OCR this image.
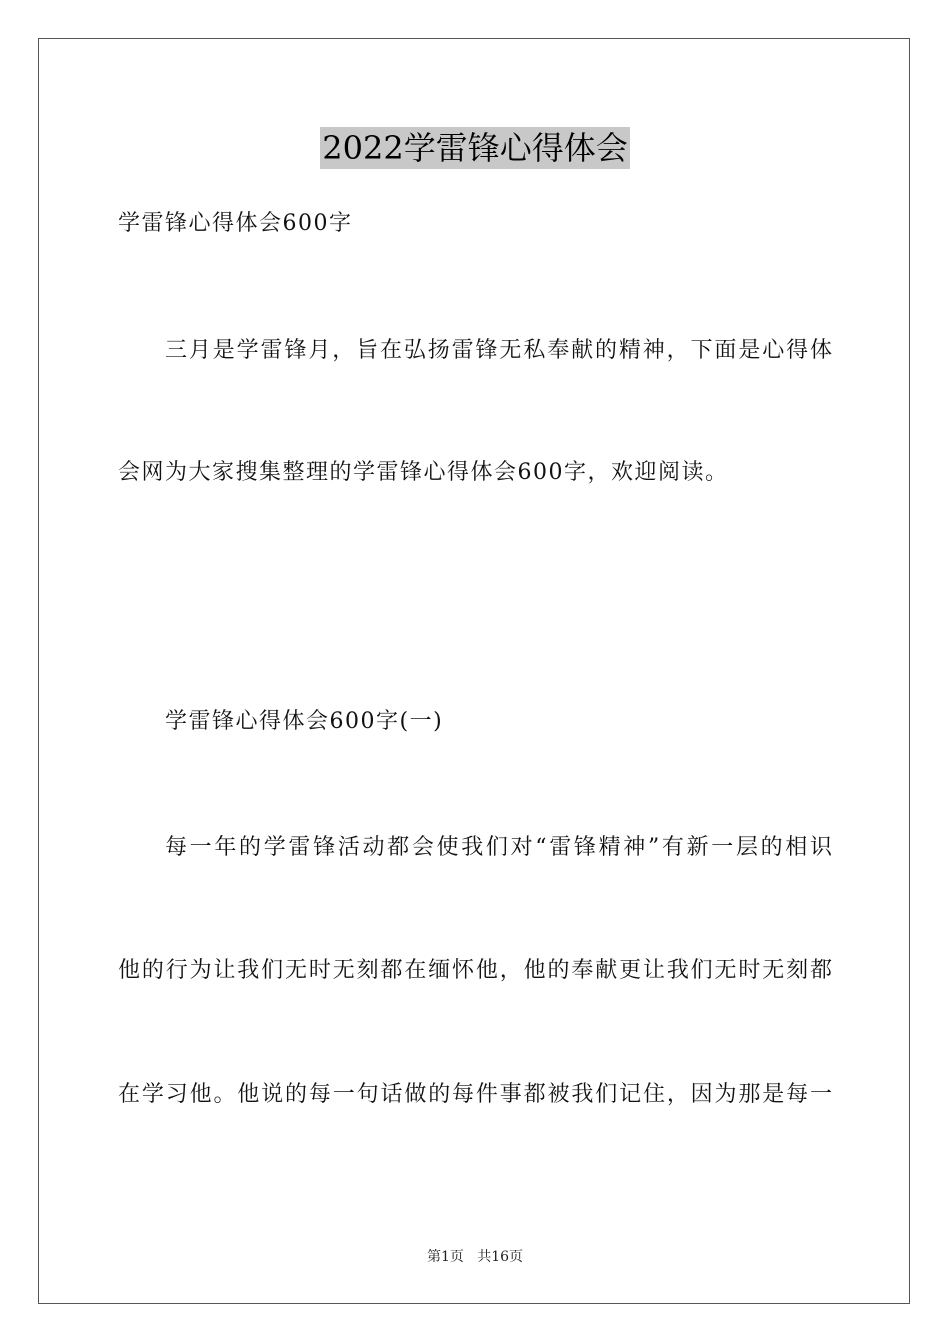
2022学雷锋心得体会
学雷锋心得体会600字
三月是学雷锋月，旨在弘扬雷锋无私奉献的精神，下面是心得体
会网为大家搜集整理的学雷锋心得体会600字，欢迎阅读。
学雷锋心得体会600字(一)
每一年的学雷锋活动都会使我们对“雷锋精神”有新一层的相识
他的行为让我们无时无刻都在缅怀他，他的奉献更让我们无时无刻都
在学习他。他说的每一句话做的每件事都被我们记住，因为那是每一
第1页   共16页
